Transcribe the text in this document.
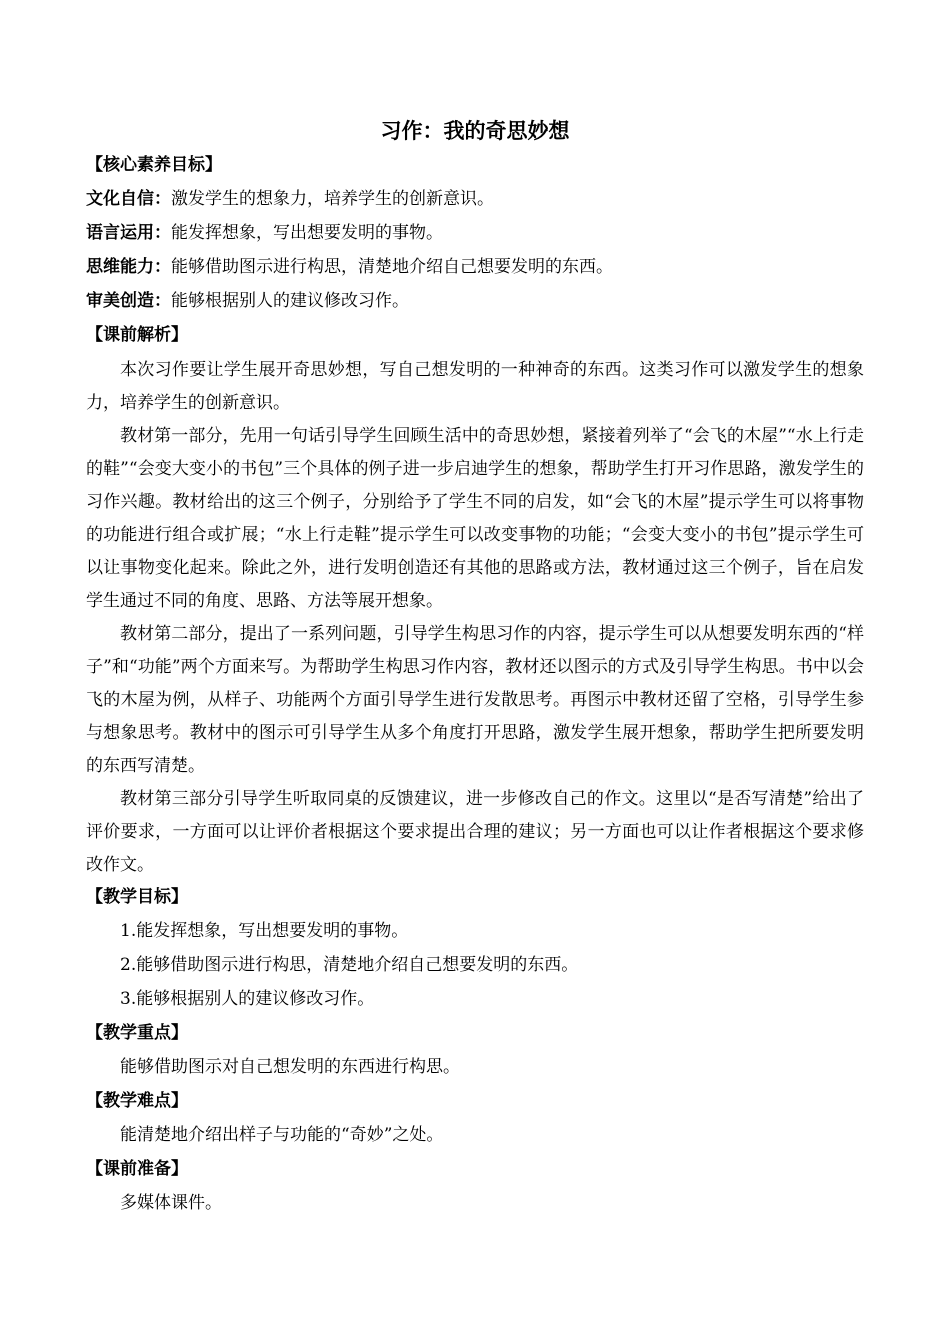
习作：我的奇思妙想
【核心素养目标】
文化自信：激发学生的想象力，培养学生的创新意识。
语言运用：能发挥想象，写出想要发明的事物。
思维能力：能够借助图示进行构思，清楚地介绍自己想要发明的东西。
审美创造：能够根据别人的建议修改习作。
【课前解析】

本次习作要让学生展开奇思妙想，写自己想发明的一种神奇的东西。这类习作可以激发学生的想象力，培养学生的创新意识。

教材第一部分，先用一句话引导学生回顾生活中的奇思妙想，紧接着列举了“会飞的木屋”“水上行走的鞋”“会变大变小的书包”三个具体的例子进一步启迪学生的想象，帮助学生打开习作思路，激发学生的习作兴趣。教材给出的这三个例子，分别给予了学生不同的启发，如“会飞的木屋”提示学生可以将事物的功能进行组合或扩展；“水上行走鞋”提示学生可以改变事物的功能；“会变大变小的书包”提示学生可以让事物变化起来。除此之外，进行发明创造还有其他的思路或方法，教材通过这三个例子，旨在启发学生通过不同的角度、思路、方法等展开想象。

教材第二部分，提出了一系列问题，引导学生构思习作的内容，提示学生可以从想要发明东西的“样子”和“功能”两个方面来写。为帮助学生构思习作内容，教材还以图示的方式及引导学生构思。书中以会飞的木屋为例，从样子、功能两个方面引导学生进行发散思考。再图示中教材还留了空格，引导学生参与想象思考。教材中的图示可引导学生从多个角度打开思路，激发学生展开想象，帮助学生把所要发明的东西写清楚。

教材第三部分引导学生听取同桌的反馈建议，进一步修改自己的作文。这里以“是否写清楚”给出了评价要求，一方面可以让评价者根据这个要求提出合理的建议；另一方面也可以让作者根据这个要求修改作文。

【教学目标】
1.能发挥想象，写出想要发明的事物。
2.能够借助图示进行构思，清楚地介绍自己想要发明的东西。
3.能够根据别人的建议修改习作。
【教学重点】
能够借助图示对自己想发明的东西进行构思。
【教学难点】
能清楚地介绍出样子与功能的“奇妙”之处。
【课前准备】
多媒体课件。
